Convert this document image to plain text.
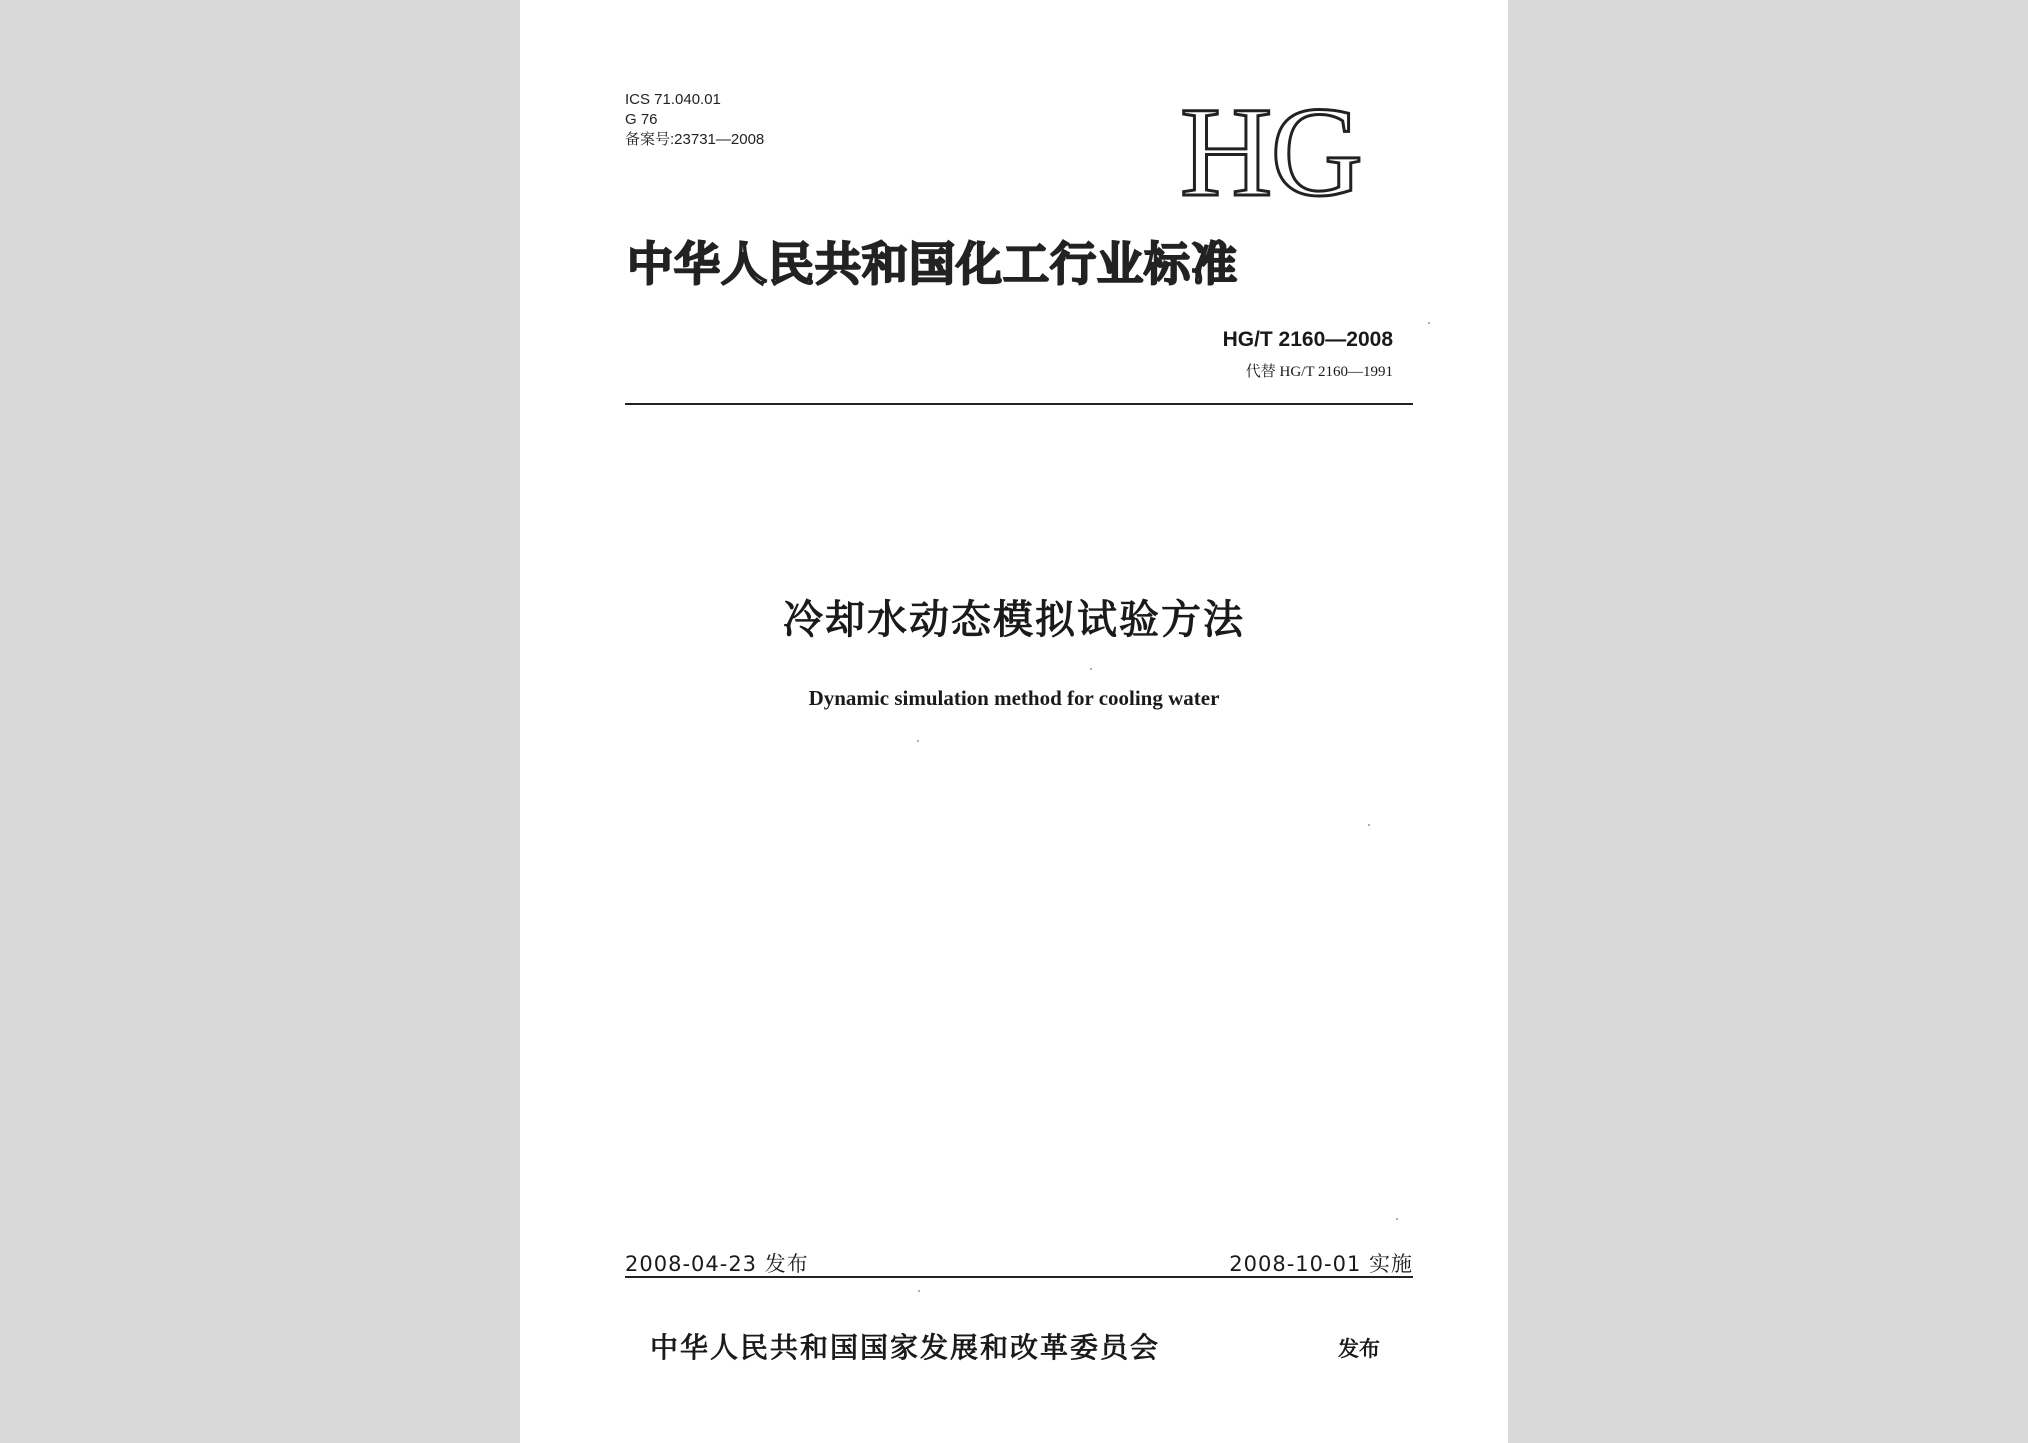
ICS 71.040.01
G 76
备案号:23731—2008	HG
中华人民共和国化工行业标准
HG/T 2160—2008
代替 HG/T 2160—1991
冷却水动态模拟试验方法
Dynamic simulation method for cooling water
2008-04-23 发布	2008-10-01 实施
中华人民共和国国家发展和改革委员会	发布
